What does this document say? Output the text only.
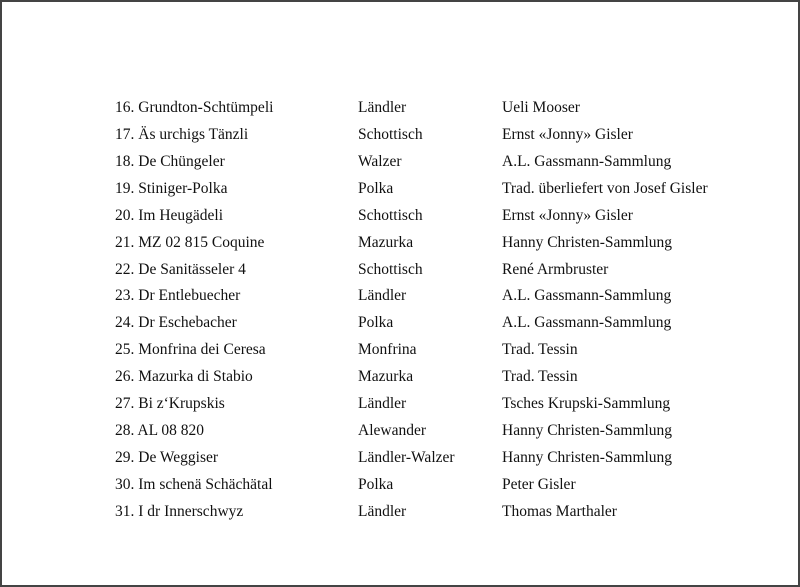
16. Grundton-Schtümpeli	Ländler	Ueli Mooser
17. Äs urchigs Tänzli	Schottisch	Ernst «Jonny» Gisler
18. De Chüngeler	Walzer	A.L. Gassmann-Sammlung
19. Stiniger-Polka	Polka	Trad. überliefert von Josef Gisler
20. Im Heugädeli	Schottisch	Ernst «Jonny» Gisler
21. MZ 02 815 Coquine	Mazurka	Hanny Christen-Sammlung
22. De Sanitässeler 4	Schottisch	René Armbruster
23. Dr Entlebuecher	Ländler	A.L. Gassmann-Sammlung
24. Dr Eschebacher	Polka	A.L. Gassmann-Sammlung
25. Monfrina dei Ceresa	Monfrina	Trad. Tessin
26. Mazurka di Stabio	Mazurka	Trad. Tessin
27. Bi z‘Krupskis	Ländler	Tsches Krupski-Sammlung
28. AL 08 820	Alewander	Hanny Christen-Sammlung
29. De Weggiser	Ländler-Walzer	Hanny Christen-Sammlung
30. Im schenä Schächätal	Polka	Peter Gisler
31. I dr Innerschwyz	Ländler	Thomas Marthaler
